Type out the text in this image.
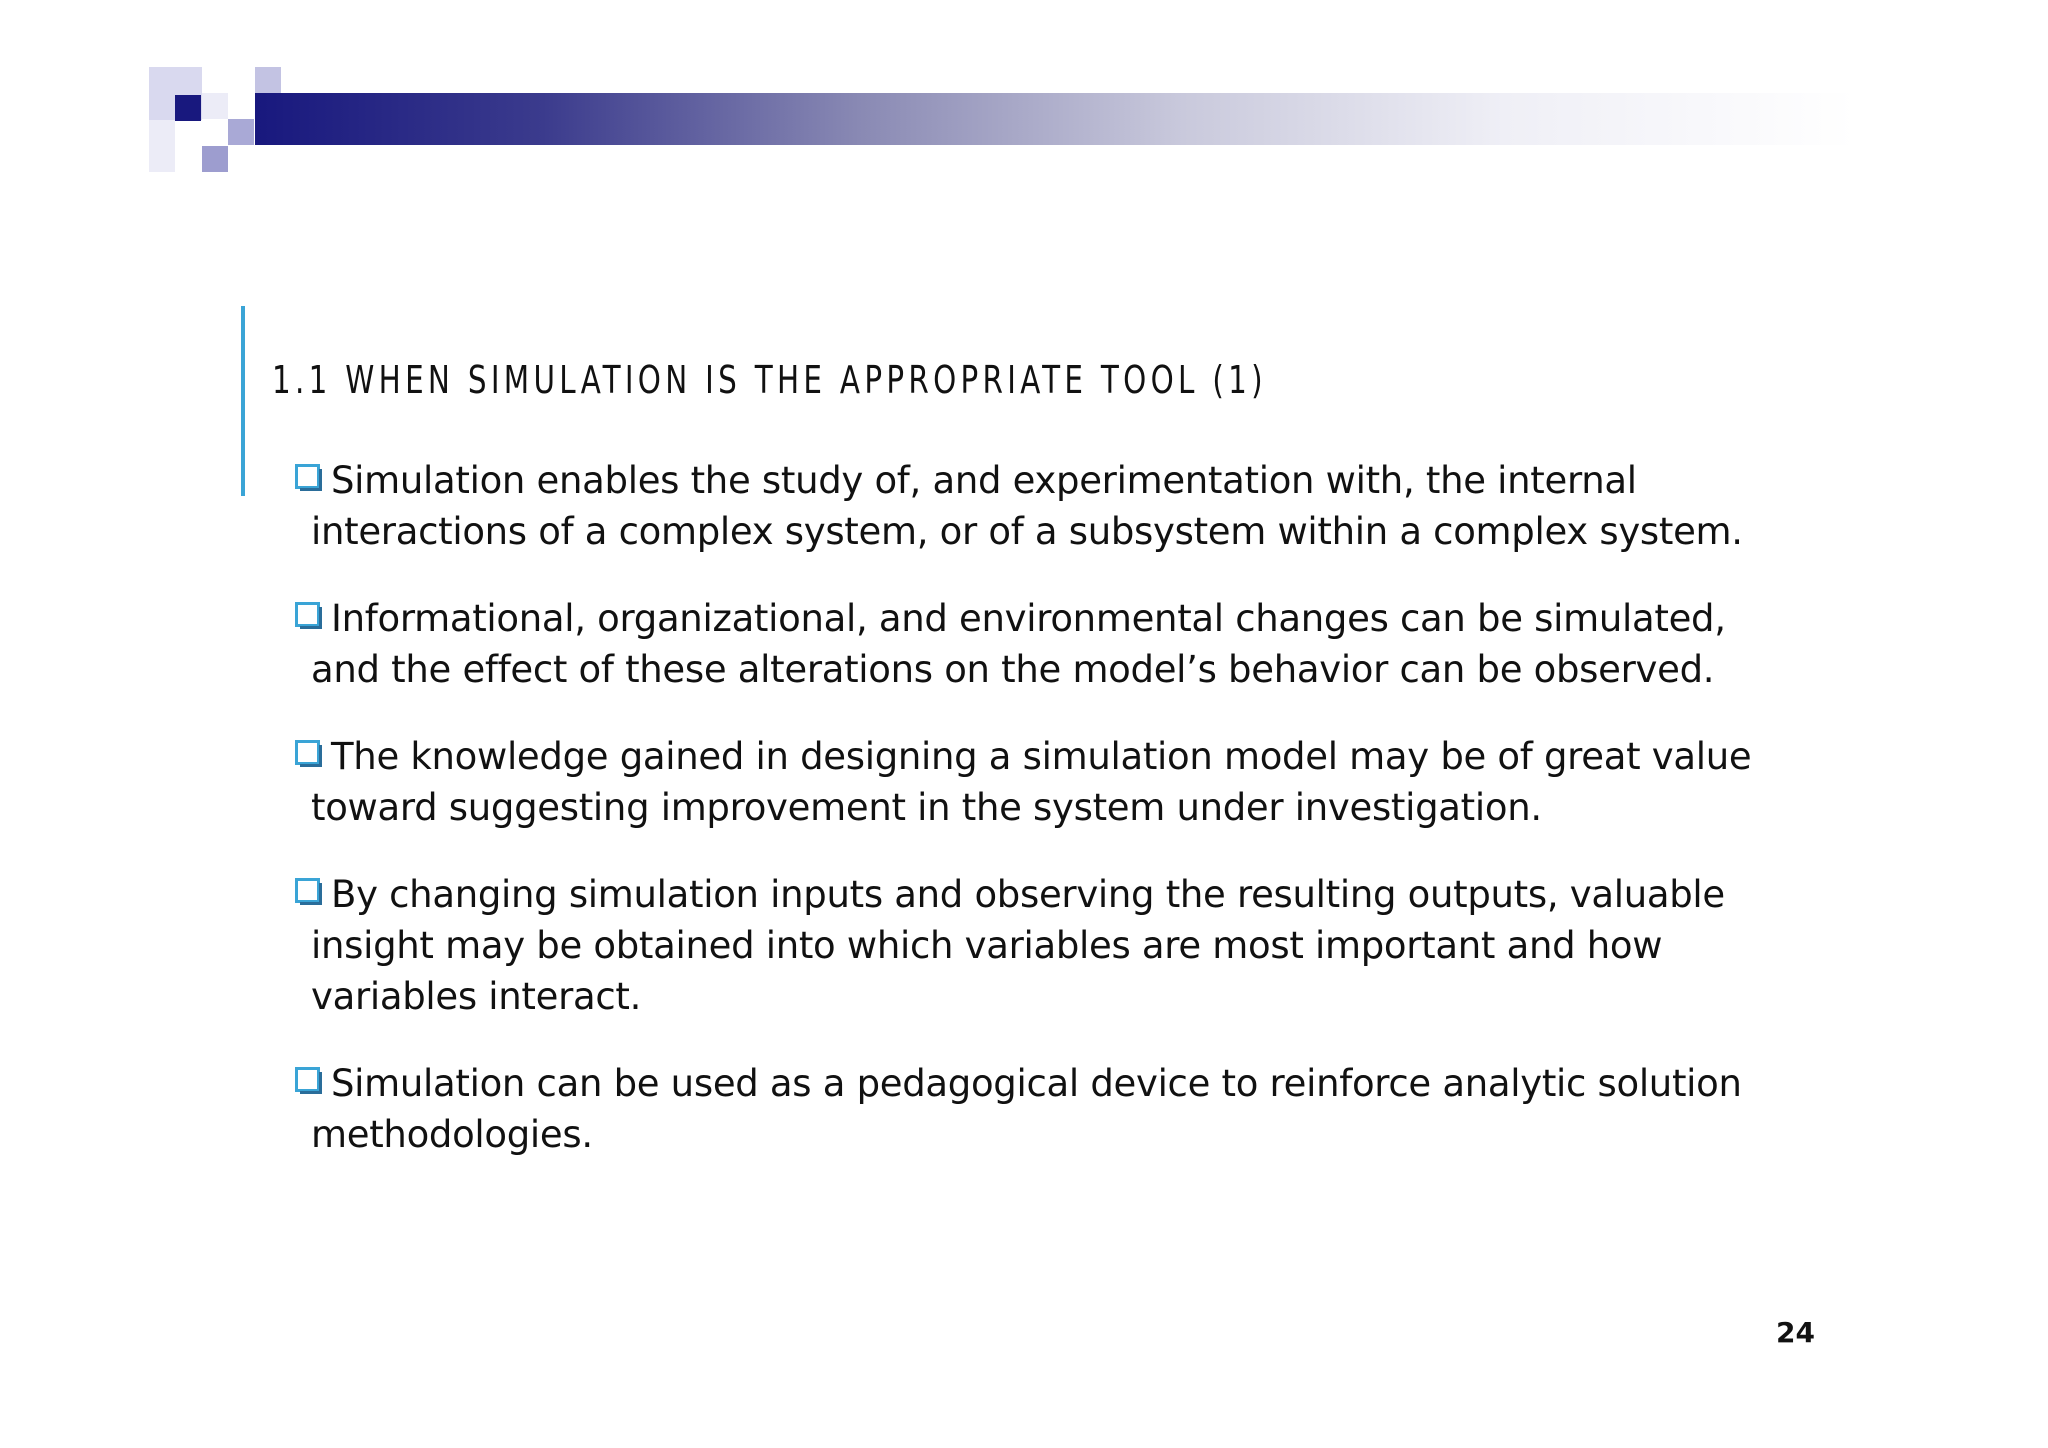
1.1 WHEN SIMULATION IS THE APPROPRIATE TOOL (1)
Simulation enables the study of, and experimentation with, the internal interactions of a complex system, or of a subsystem within a complex system.
Informational, organizational, and environmental changes can be simulated, and the effect of these alterations on the model’s behavior can be observed.
The knowledge gained in designing a simulation model may be of great value toward suggesting improvement in the system under investigation.
By changing simulation inputs and observing the resulting outputs, valuable insight may be obtained into which variables are most important and how variables interact.
Simulation can be used as a pedagogical device to reinforce analytic solution methodologies.
24
